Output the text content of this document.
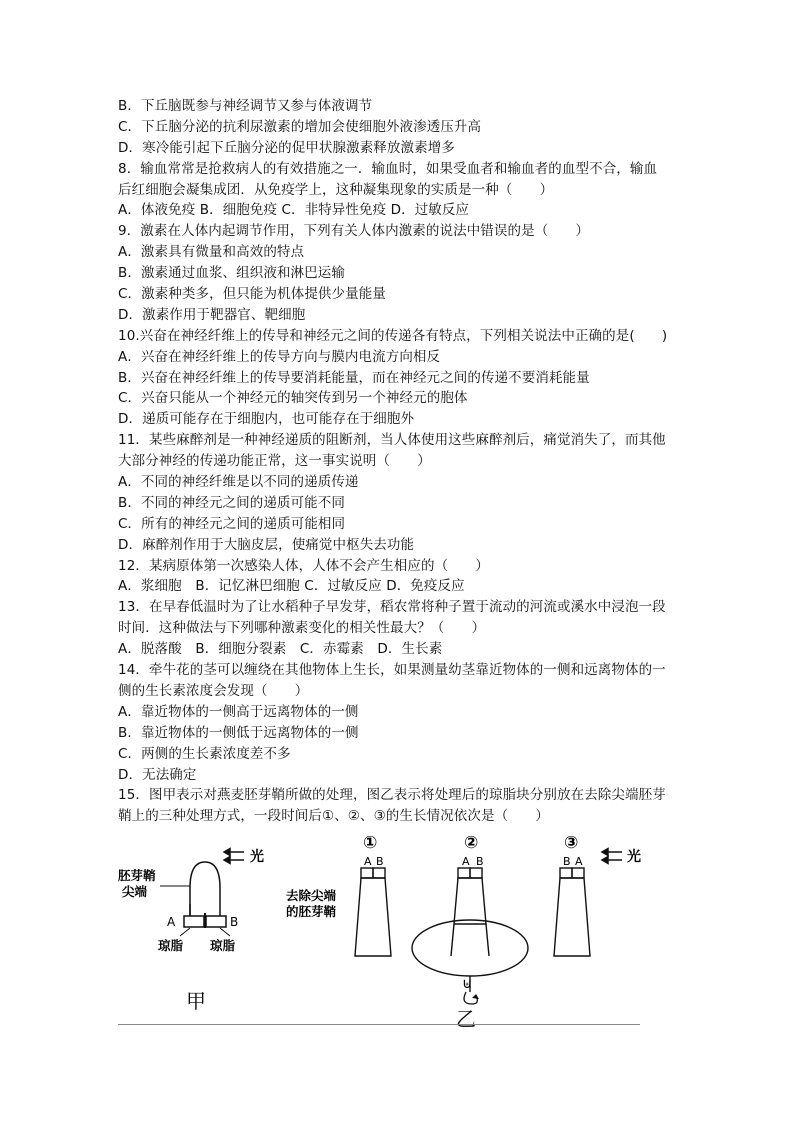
B．下丘脑既参与神经调节又参与体液调节
C．下丘脑分泌的抗利尿激素的增加会使细胞外液渗透压升高
D．寒冷能引起下丘脑分泌的促甲状腺激素释放激素增多
8．输血常常是抢救病人的有效措施之一．输血时，如果受血者和输血者的血型不合，输血
后红细胞会凝集成团．从免疫学上，这种凝集现象的实质是一种（　　）
A．体液免疫 B．细胞免疫 C．非特异性免疫 D．过敏反应
9．激素在人体内起调节作用，下列有关人体内激素的说法中错误的是（　　）
A．激素具有微量和高效的特点
B．激素通过血浆、组织液和淋巴运输
C．激素种类多，但只能为机体提供少量能量
D．激素作用于靶器官、靶细胞
10.兴奋在神经纤维上的传导和神经元之间的传递各有特点，下列相关说法中正确的是(　　)
A．兴奋在神经纤维上的传导方向与膜内电流方向相反
B．兴奋在神经纤维上的传导要消耗能量，而在神经元之间的传递不要消耗能量
C．兴奋只能从一个神经元的轴突传到另一个神经元的胞体
D．递质可能存在于细胞内，也可能存在于细胞外
11．某些麻醉剂是一种神经递质的阻断剂，当人体使用这些麻醉剂后，痛觉消失了，而其他
大部分神经的传递功能正常，这一事实说明（　　）
A．不同的神经纤维是以不同的递质传递
B．不同的神经元之间的递质可能不同
C．所有的神经元之间的递质可能相同
D．麻醉剂作用于大脑皮层，使痛觉中枢失去功能
12．某病原体第一次感染人体，人体不会产生相应的（　　）
A．浆细胞　B．记忆淋巴细胞 C．过敏反应 D．免疫反应
13．在早春低温时为了让水稻种子早发芽，稻农常将种子置于流动的河流或溪水中浸泡一段
时间．这种做法与下列哪种激素变化的相关性最大？（　　）
A．脱落酸　B．细胞分裂素　C．赤霉素　D．生长素
14．牵牛花的茎可以缠绕在其他物体上生长，如果测量幼茎靠近物体的一侧和远离物体的一
侧的生长素浓度会发现（　　）
A．靠近物体的一侧高于远离物体的一侧
B．靠近物体的一侧低于远离物体的一侧
C．两侧的生长素浓度差不多
D．无法确定
15．图甲表示对燕麦胚芽鞘所做的处理，图乙表示将处理后的琼脂块分别放在去除尖端胚芽
鞘上的三种处理方式，一段时间后①、②、③的生长情况依次是（　　）
光
胚芽鞘
尖端
A	B
琼脂 琼脂
甲
①
A B
去除尖端
的胚芽鞘
②
A B
⊎
乙
③
B A	光
